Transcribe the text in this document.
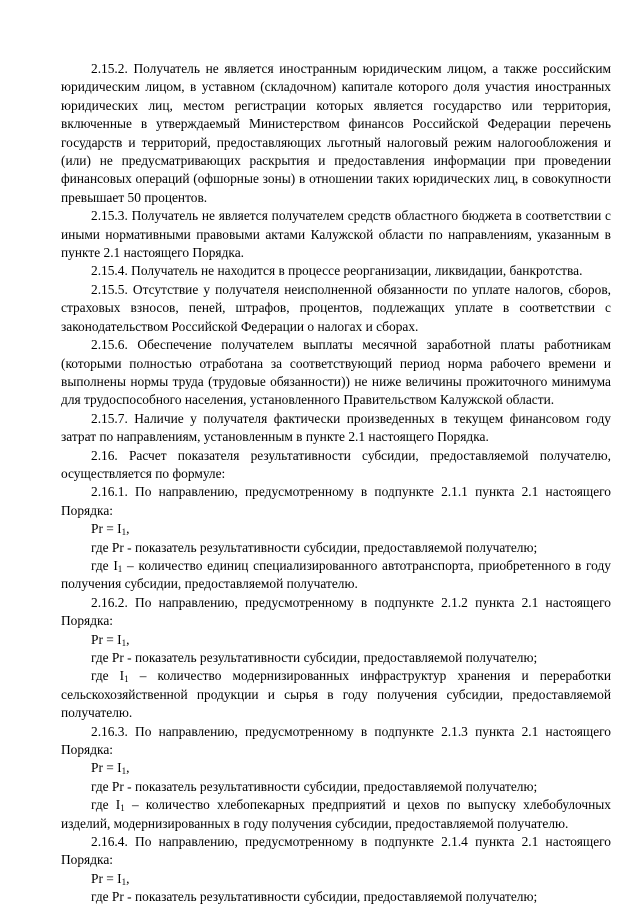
2.15.2. Получатель не является иностранным юридическим лицом, а также российским юридическим лицом, в уставном (складочном) капитале которого доля участия иностранных юридических лиц, местом регистрации которых является государство или территория, включенные в утверждаемый Министерством финансов Российской Федерации перечень государств и территорий, предоставляющих льготный налоговый режим налогообложения и (или) не предусматривающих раскрытия и предоставления информации при проведении финансовых операций (офшорные зоны) в отношении таких юридических лиц, в совокупности превышает 50 процентов.

2.15.3. Получатель не является получателем средств областного бюджета в соответствии с иными нормативными правовыми актами Калужской области по направлениям, указанным в пункте 2.1 настоящего Порядка.

2.15.4. Получатель не находится в процессе реорганизации, ликвидации, банкротства.

2.15.5. Отсутствие у получателя неисполненной обязанности по уплате налогов, сборов, страховых взносов, пеней, штрафов, процентов, подлежащих уплате в соответствии с законодательством Российской Федерации о налогах и сборах.

2.15.6. Обеспечение получателем выплаты месячной заработной платы работникам (которыми полностью отработана за соответствующий период норма рабочего времени и выполнены нормы труда (трудовые обязанности)) не ниже величины прожиточного минимума для трудоспособного населения, установленного Правительством Калужской области.

2.15.7. Наличие у получателя фактически произведенных в текущем финансовом году затрат по направлениям, установленным в пункте 2.1 настоящего Порядка.

2.16. Расчет показателя результативности субсидии, предоставляемой получателю, осуществляется по формуле:

2.16.1. По направлению, предусмотренному в подпункте 2.1.1 пункта 2.1 настоящего Порядка:

$Pr = I_1$,

где Pr - показатель результативности субсидии, предоставляемой получателю;

где $I_1$ – количество единиц специализированного автотранспорта, приобретенного в году получения субсидии, предоставляемой получателю.

2.16.2. По направлению, предусмотренному в подпункте 2.1.2 пункта 2.1 настоящего Порядка:

$Pr = I_1$,

где Pr - показатель результативности субсидии, предоставляемой получателю;

где $I_1$ – количество модернизированных инфраструктур хранения и переработки сельскохозяйственной продукции и сырья в году получения субсидии, предоставляемой получателю.

2.16.3. По направлению, предусмотренному в подпункте 2.1.3 пункта 2.1 настоящего Порядка:

$Pr = I_1$,

где Pr - показатель результативности субсидии, предоставляемой получателю;

где $I_1$ – количество хлебопекарных предприятий и цехов по выпуску хлебобулочных изделий, модернизированных в году получения субсидии, предоставляемой получателю.

2.16.4. По направлению, предусмотренному в подпункте 2.1.4 пункта 2.1 настоящего Порядка:

$Pr = I_1$,

где Pr - показатель результативности субсидии, предоставляемой получателю;
